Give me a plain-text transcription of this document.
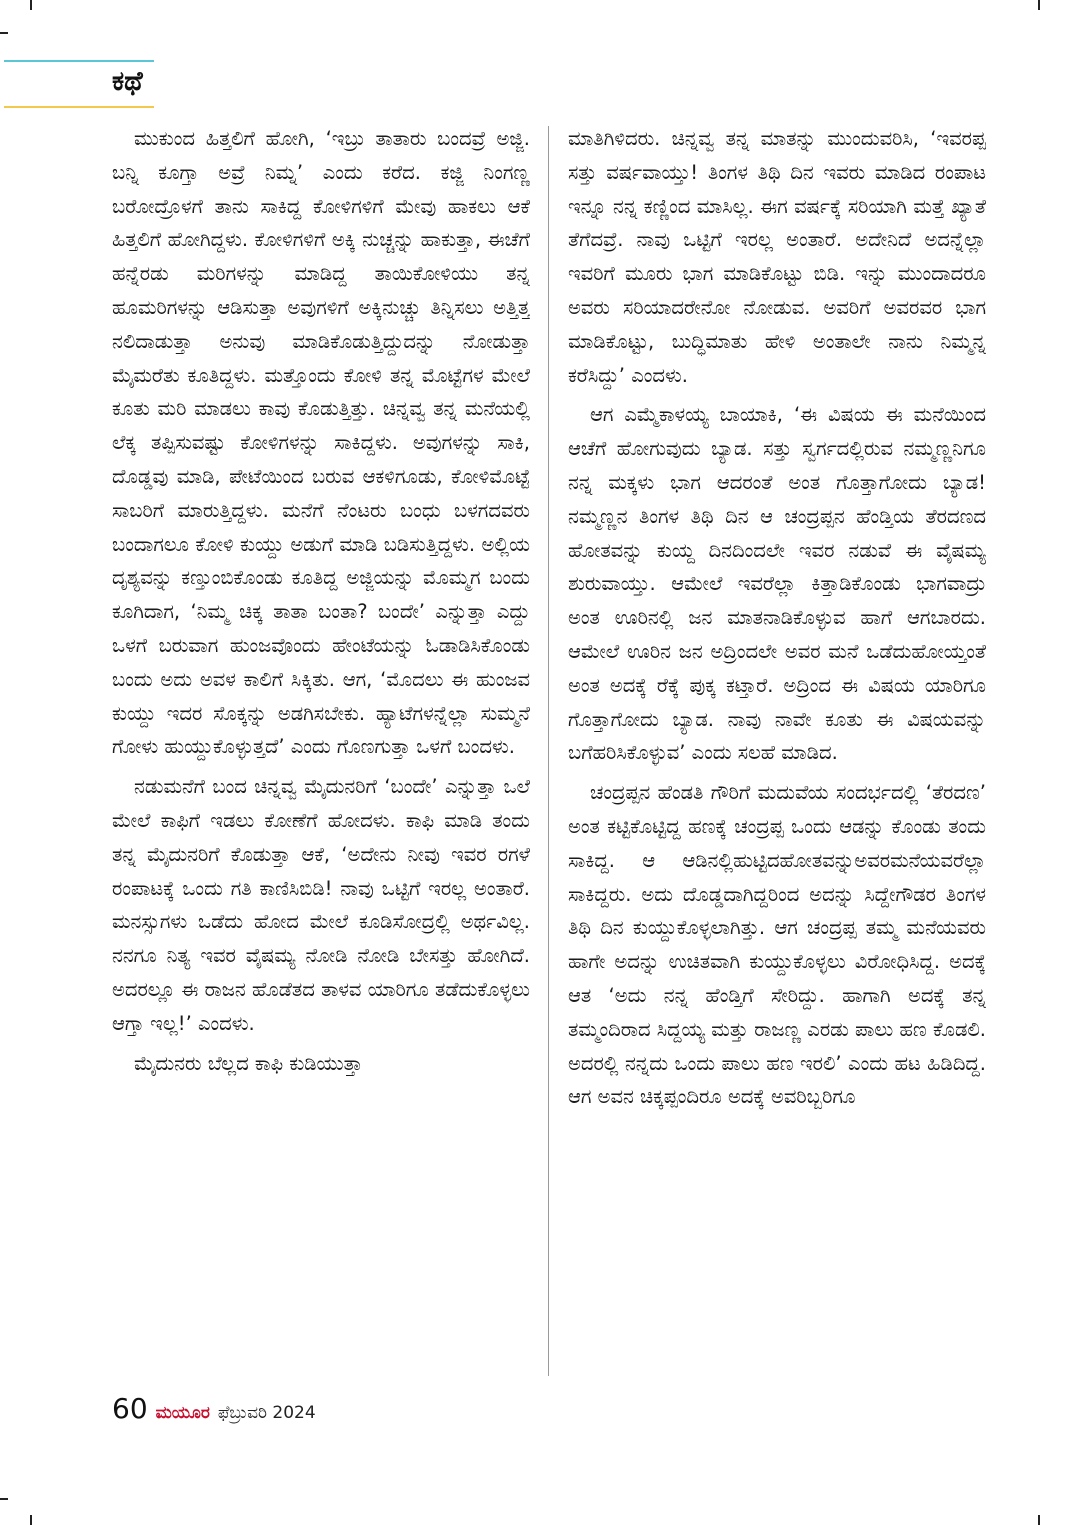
ಕಥೆ

ಮುಕುಂದ ಹಿತ್ತಲಿಗೆ ಹೋಗಿ, ‘ಇಬ್ರು ತಾತಾರು ಬಂದವ್ರೆ ಅಜ್ಜಿ. ಬನ್ನಿ ಕೂಗ್ತಾ ಅವ್ರೆ ನಿಮ್ನ’ ಎಂದು ಕರೆದ. ಕಜ್ಜಿ ನಿಂಗಣ್ಣ ಬರೋದ್ರೊಳಗೆ ತಾನು ಸಾಕಿದ್ದ ಕೋಳಿಗಳಿಗೆ ಮೇವು ಹಾಕಲು ಆಕೆ ಹಿತ್ತಲಿಗೆ ಹೋಗಿದ್ದಳು. ಕೋಳಿಗಳಿಗೆ ಅಕ್ಕಿ ನುಚ್ಚನ್ನು ಹಾಕುತ್ತಾ, ಈಚೆಗೆ ಹನ್ನೆರಡು ಮರಿಗಳನ್ನು ಮಾಡಿದ್ದ ತಾಯಿಕೋಳಿಯು ತನ್ನ ಹೂಮರಿಗಳನ್ನು ಆಡಿಸುತ್ತಾ ಅವುಗಳಿಗೆ ಅಕ್ಕಿನುಚ್ಚು ತಿನ್ನಿಸಲು ಅತ್ತಿತ್ತ ನಲಿದಾಡುತ್ತಾ ಅನುವು ಮಾಡಿಕೊಡುತ್ತಿದ್ದುದನ್ನು ನೋಡುತ್ತಾ ಮೈಮರೆತು ಕೂತಿದ್ದಳು. ಮತ್ತೊಂದು ಕೋಳಿ ತನ್ನ ಮೊಟ್ಟೆಗಳ ಮೇಲೆ ಕೂತು ಮರಿ ಮಾಡಲು ಕಾವು ಕೊಡುತ್ತಿತ್ತು. ಚಿನ್ನವ್ವ ತನ್ನ ಮನೆಯಲ್ಲಿ ಲೆಕ್ಕ ತಪ್ಪಿಸುವಷ್ಟು ಕೋಳಿಗಳನ್ನು ಸಾಕಿದ್ದಳು. ಅವುಗಳನ್ನು ಸಾಕಿ, ದೊಡ್ಡವು ಮಾಡಿ, ಪೇಟೆಯಿಂದ ಬರುವ ಆಕಳಿಗೂಡು, ಕೋಳಿಮೊಟ್ಟೆ ಸಾಬರಿಗೆ ಮಾರುತ್ತಿದ್ದಳು. ಮನೆಗೆ ನೆಂಟರು ಬಂಧು ಬಳಗದವರು ಬಂದಾಗಲೂ ಕೋಳಿ ಕುಯ್ದು ಅಡುಗೆ ಮಾಡಿ ಬಡಿಸುತ್ತಿದ್ದಳು. ಅಲ್ಲಿಯ ದೃಶ್ಯವನ್ನು ಕಣ್ತುಂಬಿಕೊಂಡು ಕೂತಿದ್ದ ಅಜ್ಜಿಯನ್ನು ಮೊಮ್ಮಗ ಬಂದು ಕೂಗಿದಾಗ, ‘ನಿಮ್ಮ ಚಿಕ್ಕ ತಾತಾ ಬಂತಾ? ಬಂದೇ’ ಎನ್ನುತ್ತಾ ಎದ್ದು ಒಳಗೆ ಬರುವಾಗ ಹುಂಜವೊಂದು ಹೇಂಟೆಯನ್ನು ಓಡಾಡಿಸಿಕೊಂಡು ಬಂದು ಅದು ಅವಳ ಕಾಲಿಗೆ ಸಿಕ್ಕಿತು. ಆಗ, ‘ಮೊದಲು ಈ ಹುಂಜವ ಕುಯ್ದು ಇದರ ಸೊಕ್ಕನ್ನು ಅಡಗಿಸಬೇಕು. ಹ್ಯಾಟೆಗಳನ್ನೆಲ್ಲಾ ಸುಮ್ಮನೆ ಗೋಳು ಹುಯ್ದುಕೊಳ್ಳುತ್ತದೆ’ ಎಂದು ಗೊಣಗುತ್ತಾ ಒಳಗೆ ಬಂದಳು.

ನಡುಮನೆಗೆ ಬಂದ ಚಿನ್ನವ್ವ ಮೈದುನರಿಗೆ ‘ಬಂದೇ’ ಎನ್ನುತ್ತಾ ಒಲೆ ಮೇಲೆ ಕಾಫಿಗೆ ಇಡಲು ಕೋಣೆಗೆ ಹೋದಳು. ಕಾಫಿ ಮಾಡಿ ತಂದು ತನ್ನ ಮೈದುನರಿಗೆ ಕೊಡುತ್ತಾ ಆಕೆ, ‘ಅದೇನು ನೀವು ಇವರ ರಗಳೆ ರಂಪಾಟಕ್ಕೆ ಒಂದು ಗತಿ ಕಾಣಿಸಿಬಿಡಿ! ನಾವು ಒಟ್ಟಿಗೆ ಇರಲ್ಲ ಅಂತಾರೆ. ಮನಸ್ಸುಗಳು ಒಡೆದು ಹೋದ ಮೇಲೆ ಕೂಡಿಸೋದ್ರಲ್ಲಿ ಅರ್ಥವಿಲ್ಲ. ನನಗೂ ನಿತ್ಯ ಇವರ ವೈಷಮ್ಯ ನೋಡಿ ನೋಡಿ ಬೇಸತ್ತು ಹೋಗಿದೆ. ಅದರಲ್ಲೂ ಈ ರಾಜನ ಹೊಡೆತದ ತಾಳವ ಯಾರಿಗೂ ತಡೆದುಕೊಳ್ಳಲು ಆಗ್ತಾ ಇಲ್ಲ!’ ಎಂದಳು.

ಮೈದುನರು ಬೆಲ್ಲದ ಕಾಫಿ ಕುಡಿಯುತ್ತಾ

ಮಾತಿಗಿಳಿದರು. ಚಿನ್ನವ್ವ ತನ್ನ ಮಾತನ್ನು ಮುಂದುವರಿಸಿ, ‘ಇವರಪ್ಪ ಸತ್ತು ವರ್ಷವಾಯ್ತು! ತಿಂಗಳ ತಿಥಿ ದಿನ ಇವರು ಮಾಡಿದ ರಂಪಾಟ ಇನ್ನೂ ನನ್ನ ಕಣ್ಣಿಂದ ಮಾಸಿಲ್ಲ. ಈಗ ವರ್ಷಕ್ಕೆ ಸರಿಯಾಗಿ ಮತ್ತೆ ಖ್ಯಾತೆ ತೆಗೆದವ್ರೆ. ನಾವು ಒಟ್ಟಿಗೆ ಇರಲ್ಲ ಅಂತಾರೆ. ಅದೇನಿದೆ ಅದನ್ನೆಲ್ಲಾ ಇವರಿಗೆ ಮೂರು ಭಾಗ ಮಾಡಿಕೊಟ್ಟು ಬಿಡಿ. ಇನ್ನು ಮುಂದಾದರೂ ಅವರು ಸರಿಯಾದರೇನೋ ನೋಡುವ. ಅವರಿಗೆ ಅವರವರ ಭಾಗ ಮಾಡಿಕೊಟ್ಟು, ಬುದ್ಧಿಮಾತು ಹೇಳಿ ಅಂತಾಲೇ ನಾನು ನಿಮ್ಮನ್ನ ಕರೆಸಿದ್ದು’ ಎಂದಳು.

ಆಗ ಎಮ್ಮೆಕಾಳಯ್ಯ ಬಾಯಾಕಿ, ‘ಈ ವಿಷಯ ಈ ಮನೆಯಿಂದ ಆಚೆಗೆ ಹೋಗುವುದು ಬ್ಯಾಡ. ಸತ್ತು ಸ್ವರ್ಗದಲ್ಲಿರುವ ನಮ್ಮಣ್ಣನಿಗೂ ನನ್ನ ಮಕ್ಕಳು ಭಾಗ ಆದರಂತೆ ಅಂತ ಗೊತ್ತಾಗೋದು ಬ್ಯಾಡ! ನಮ್ಮಣ್ಣನ ತಿಂಗಳ ತಿಥಿ ದಿನ ಆ ಚಂದ್ರಪ್ಪನ ಹೆಂಡ್ತಿಯ ತೆರದಣದ ಹೋತವನ್ನು ಕುಯ್ದ ದಿನದಿಂದಲೇ ಇವರ ನಡುವೆ ಈ ವೈಷಮ್ಯ ಶುರುವಾಯ್ತು. ಆಮೇಲೆ ಇವರೆಲ್ಲಾ ಕಿತ್ತಾಡಿಕೊಂಡು ಭಾಗವಾದ್ರು ಅಂತ ಊರಿನಲ್ಲಿ ಜನ ಮಾತನಾಡಿಕೊಳ್ಳುವ ಹಾಗೆ ಆಗಬಾರದು. ಆಮೇಲೆ ಊರಿನ ಜನ ಅದ್ರಿಂದಲೇ ಅವರ ಮನೆ ಒಡೆದುಹೋಯ್ತಂತೆ ಅಂತ ಅದಕ್ಕೆ ರೆಕ್ಕೆ ಪುಕ್ಕ ಕಟ್ತಾರೆ. ಅದ್ರಿಂದ ಈ ವಿಷಯ ಯಾರಿಗೂ ಗೊತ್ತಾಗೋದು ಬ್ಯಾಡ. ನಾವು ನಾವೇ ಕೂತು ಈ ವಿಷಯವನ್ನು ಬಗೆಹರಿಸಿಕೊಳ್ಳುವ’ ಎಂದು ಸಲಹೆ ಮಾಡಿದ.

ಚಂದ್ರಪ್ಪನ ಹೆಂಡತಿ ಗೌರಿಗೆ ಮದುವೆಯ ಸಂದರ್ಭದಲ್ಲಿ ‘ತೆರದಣ’ ಅಂತ ಕಟ್ಟಿಕೊಟ್ಟಿದ್ದ ಹಣಕ್ಕೆ ಚಂದ್ರಪ್ಪ ಒಂದು ಆಡನ್ನು ಕೊಂಡು ತಂದು ಸಾಕಿದ್ದ. ಆ ಆಡಿನಲ್ಲಿಹುಟ್ಟಿದಹೋತವನ್ನುಅವರಮನೆಯವರೆಲ್ಲಾ ಸಾಕಿದ್ದರು. ಅದು ದೊಡ್ಡದಾಗಿದ್ದರಿಂದ ಅದನ್ನು ಸಿದ್ದೇಗೌಡರ ತಿಂಗಳ ತಿಥಿ ದಿನ ಕುಯ್ದುಕೊಳ್ಳಲಾಗಿತ್ತು. ಆಗ ಚಂದ್ರಪ್ಪ ತಮ್ಮ ಮನೆಯವರು ಹಾಗೇ ಅದನ್ನು ಉಚಿತವಾಗಿ ಕುಯ್ದುಕೊಳ್ಳಲು ವಿರೋಧಿಸಿದ್ದ. ಅದಕ್ಕೆ ಆತ ‘ಅದು ನನ್ನ ಹೆಂಡ್ತಿಗೆ ಸೇರಿದ್ದು. ಹಾಗಾಗಿ ಅದಕ್ಕೆ ತನ್ನ ತಮ್ಮಂದಿರಾದ ಸಿದ್ದಯ್ಯ ಮತ್ತು ರಾಜಣ್ಣ ಎರಡು ಪಾಲು ಹಣ ಕೊಡಲಿ. ಅದರಲ್ಲಿ ನನ್ನದು ಒಂದು ಪಾಲು ಹಣ ಇರಲಿ’ ಎಂದು ಹಟ ಹಿಡಿದಿದ್ದ. ಆಗ ಅವನ ಚಿಕ್ಕಪ್ಪಂದಿರೂ ಅದಕ್ಕೆ ಅವರಿಬ್ಬರಿಗೂ

60 ಮಯೂರ ಫೆಬ್ರುವರಿ 2024
